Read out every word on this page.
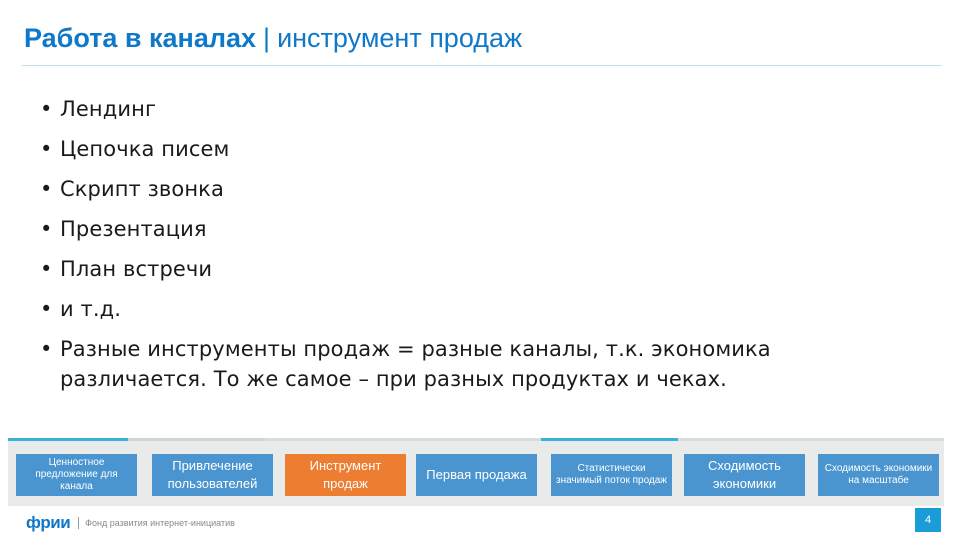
Работа в каналах | инструмент продаж
• Лендинг
• Цепочка писем
• Скрипт звонка
• Презентация
• План встречи
• и т.д.
• Разные инструменты продаж = разные каналы, т.к. экономика различается. То же самое – при разных продуктах и чеках.
Ценностное предложение для канала
Привлечение пользователей
Инструмент продаж
Первая продажа	Статистически значимый поток продаж
Сходимость экономики
Сходимость экономики на масштабе
фрии Фонд развития интернет-инициатив	4
